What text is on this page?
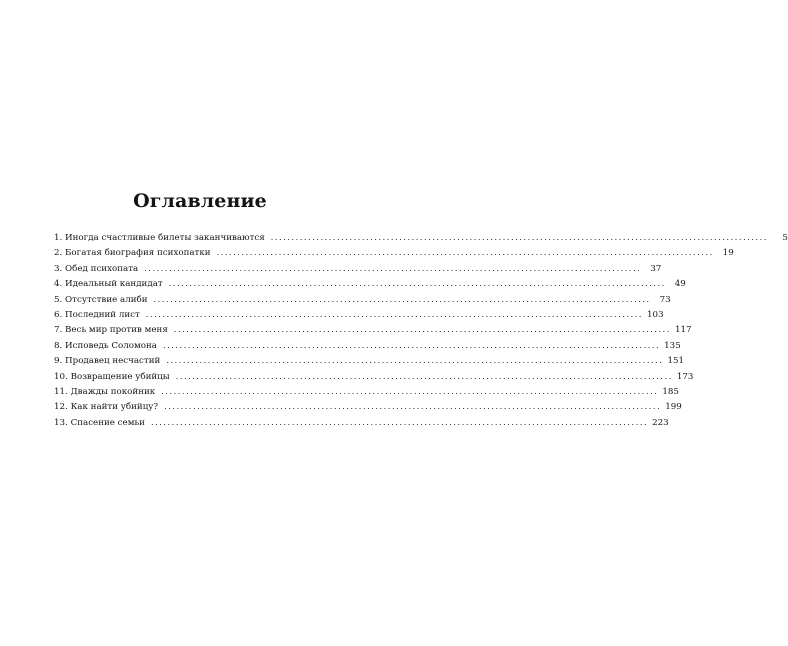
Оглавление
1. Иногда счастливые билеты заканчиваются ........................................................................................................................	5
2. Богатая биография психопатки ........................................................................................................................	19
3. Обед психопата ........................................................................................................................	37
4. Идеальный кандидат ........................................................................................................................	49
5. Отсутствие алиби ........................................................................................................................	73
6. Последний лист ........................................................................................................................ 103
7. Весь мир против меня ........................................................................................................................ 117
8. Исповедь Соломона ........................................................................................................................ 135
9. Продавец несчастий ........................................................................................................................ 151
10. Возвращение убийцы ........................................................................................................................ 173
11. Дважды покойник ........................................................................................................................ 185
12. Как найти убийцу? ........................................................................................................................ 199
13. Спасение семьи ........................................................................................................................ 223
